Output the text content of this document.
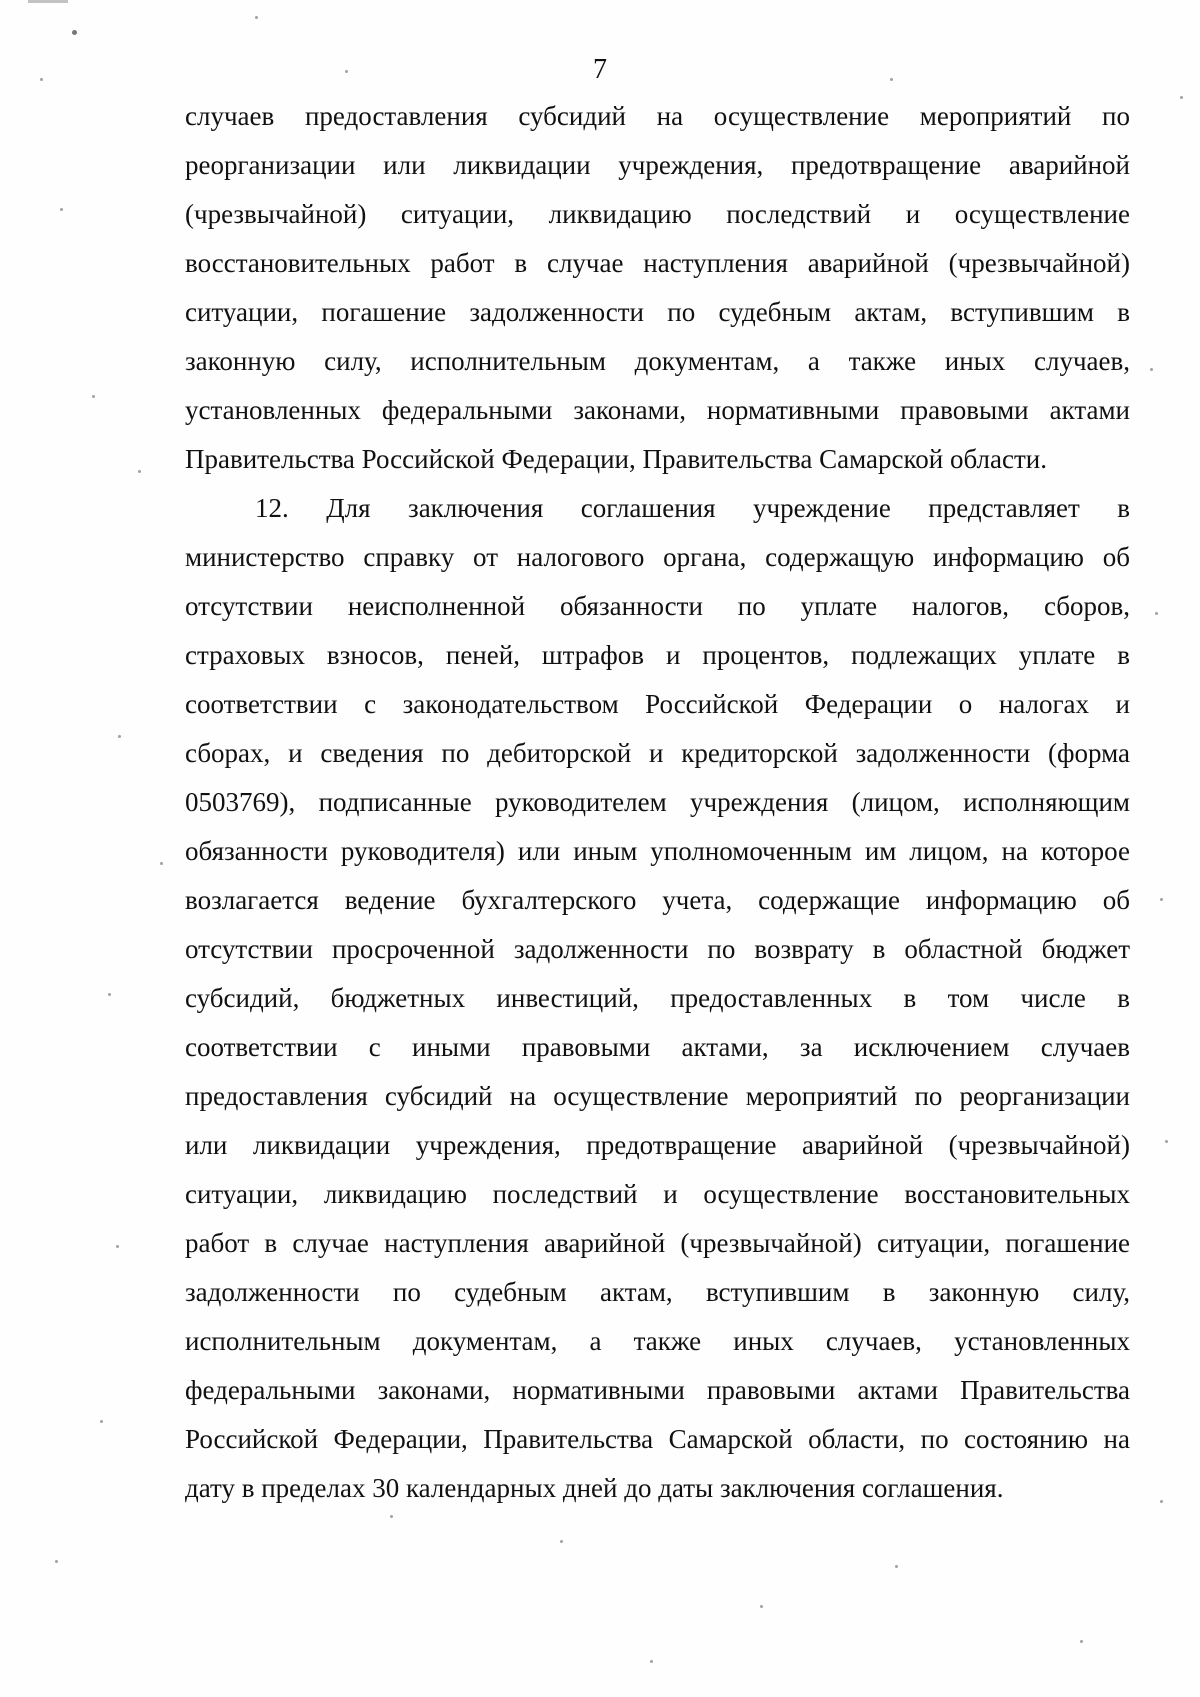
7
случаев предоставления субсидий на осуществление мероприятий по
реорганизации или ликвидации учреждения, предотвращение аварийной
(чрезвычайной) ситуации, ликвидацию последствий и осуществление
восстановительных работ в случае наступления аварийной (чрезвычайной)
ситуации, погашение задолженности по судебным актам, вступившим в
законную силу, исполнительным документам, а также иных случаев,
установленных федеральными законами, нормативными правовыми актами
Правительства Российской Федерации, Правительства Самарской области.
12. Для заключения соглашения учреждение представляет в
министерство справку от налогового органа, содержащую информацию об
отсутствии неисполненной обязанности по уплате налогов, сборов,
страховых взносов, пеней, штрафов и процентов, подлежащих уплате в
соответствии с законодательством Российской Федерации о налогах и
сборах, и сведения по дебиторской и кредиторской задолженности (форма
0503769), подписанные руководителем учреждения (лицом, исполняющим
обязанности руководителя) или иным уполномоченным им лицом, на которое
возлагается ведение бухгалтерского учета, содержащие информацию об
отсутствии просроченной задолженности по возврату в областной бюджет
субсидий, бюджетных инвестиций, предоставленных в том числе в
соответствии с иными правовыми актами, за исключением случаев
предоставления субсидий на осуществление мероприятий по реорганизации
или ликвидации учреждения, предотвращение аварийной (чрезвычайной)
ситуации, ликвидацию последствий и осуществление восстановительных
работ в случае наступления аварийной (чрезвычайной) ситуации, погашение
задолженности по судебным актам, вступившим в законную силу,
исполнительным документам, а также иных случаев, установленных
федеральными законами, нормативными правовыми актами Правительства
Российской Федерации, Правительства Самарской области, по состоянию на
дату в пределах 30 календарных дней до даты заключения соглашения.
